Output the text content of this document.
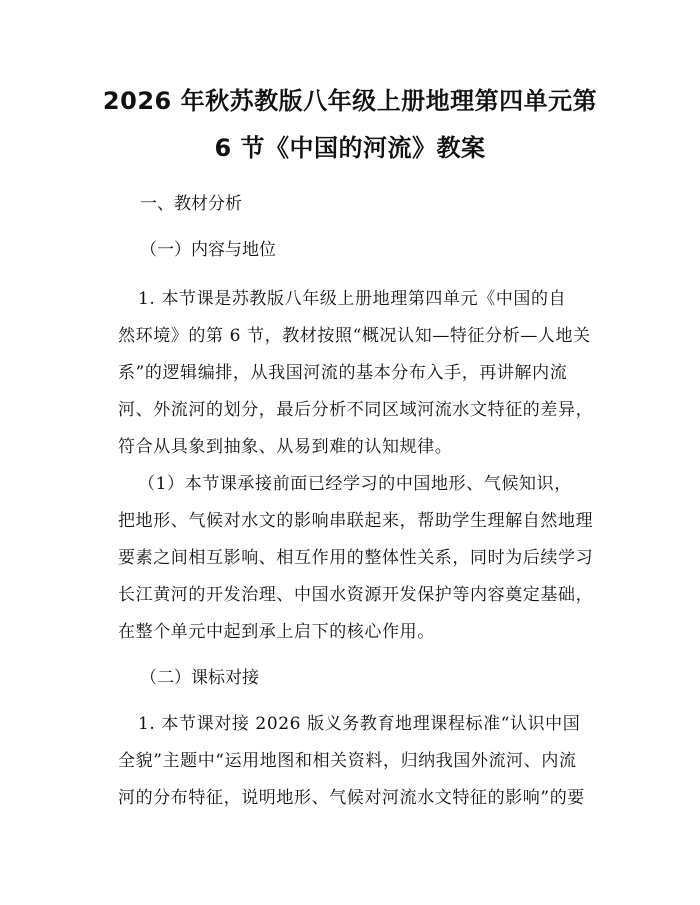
2026 年秋苏教版八年级上册地理第四单元第
6 节《中国的河流》教案
一、教材分析
（一）内容与地位
1. 本节课是苏教版八年级上册地理第四单元《中国的自
然环境》的第 6 节，教材按照“概况认知—特征分析—人地关
系”的逻辑编排，从我国河流的基本分布入手，再讲解内流
河、外流河的划分，最后分析不同区域河流水文特征的差异，
符合从具象到抽象、从易到难的认知规律。
（1）本节课承接前面已经学习的中国地形、气候知识，
把地形、气候对水文的影响串联起来，帮助学生理解自然地理
要素之间相互影响、相互作用的整体性关系，同时为后续学习
长江黄河的开发治理、中国水资源开发保护等内容奠定基础，
在整个单元中起到承上启下的核心作用。
（二）课标对接
1. 本节课对接 2026 版义务教育地理课程标准“认识中国
全貌”主题中“运用地图和相关资料，归纳我国外流河、内流
河的分布特征，说明地形、气候对河流水文特征的影响”的要
